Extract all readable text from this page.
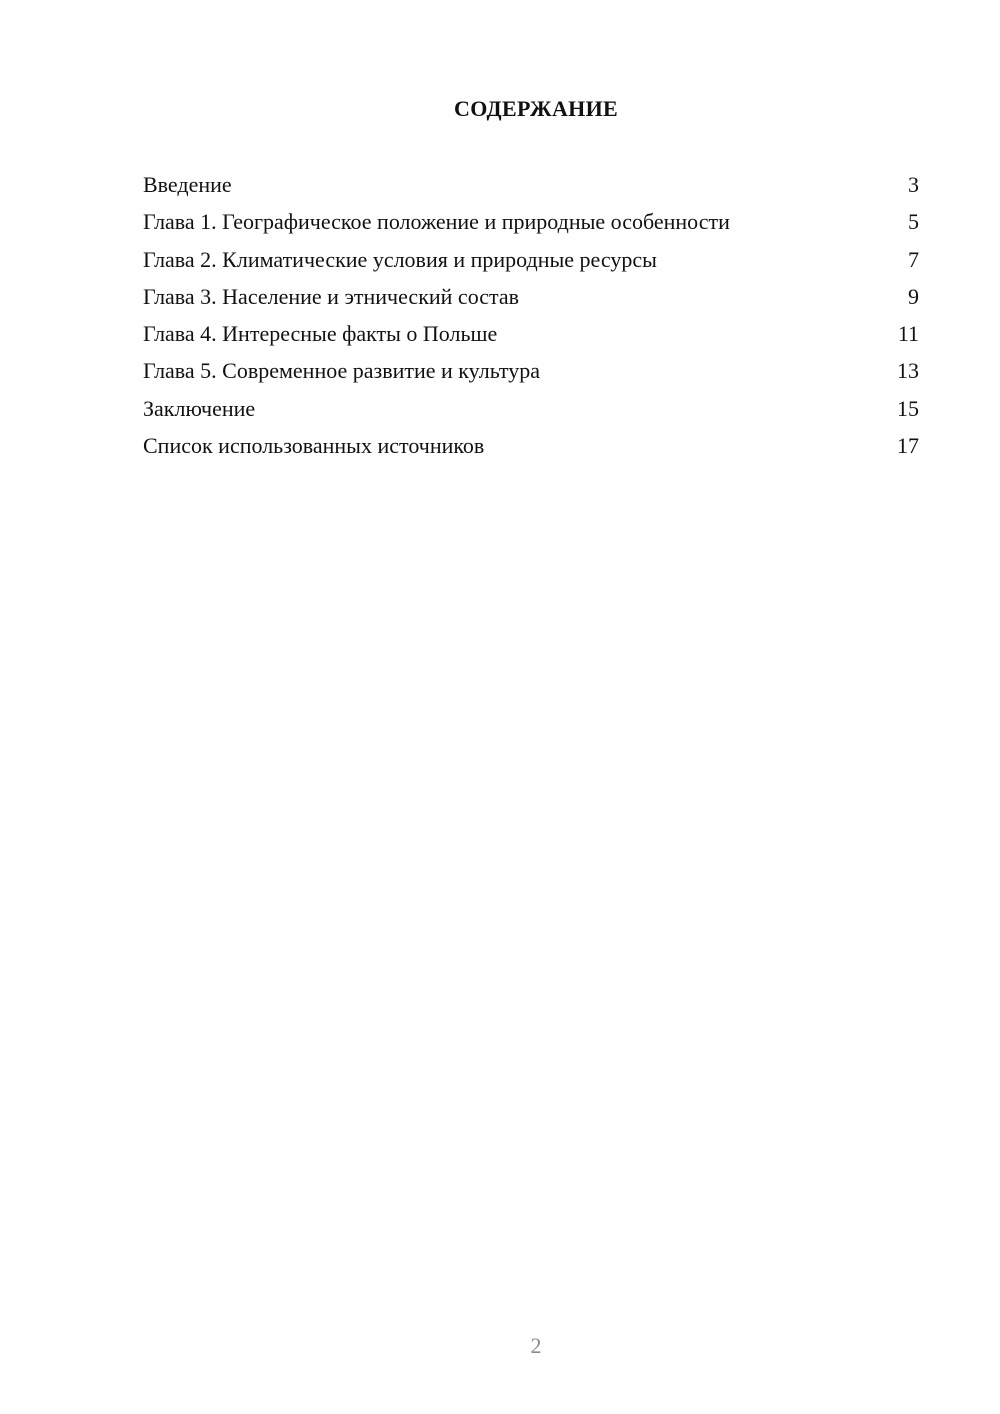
СОДЕРЖАНИЕ
Введение	3
Глава 1. Географическое положение и природные особенности	5
Глава 2. Климатические условия и природные ресурсы	7
Глава 3. Население и этнический состав	9
Глава 4. Интересные факты о Польше	11
Глава 5. Современное развитие и культура	13
Заключение	15
Список использованных источников	17
2
